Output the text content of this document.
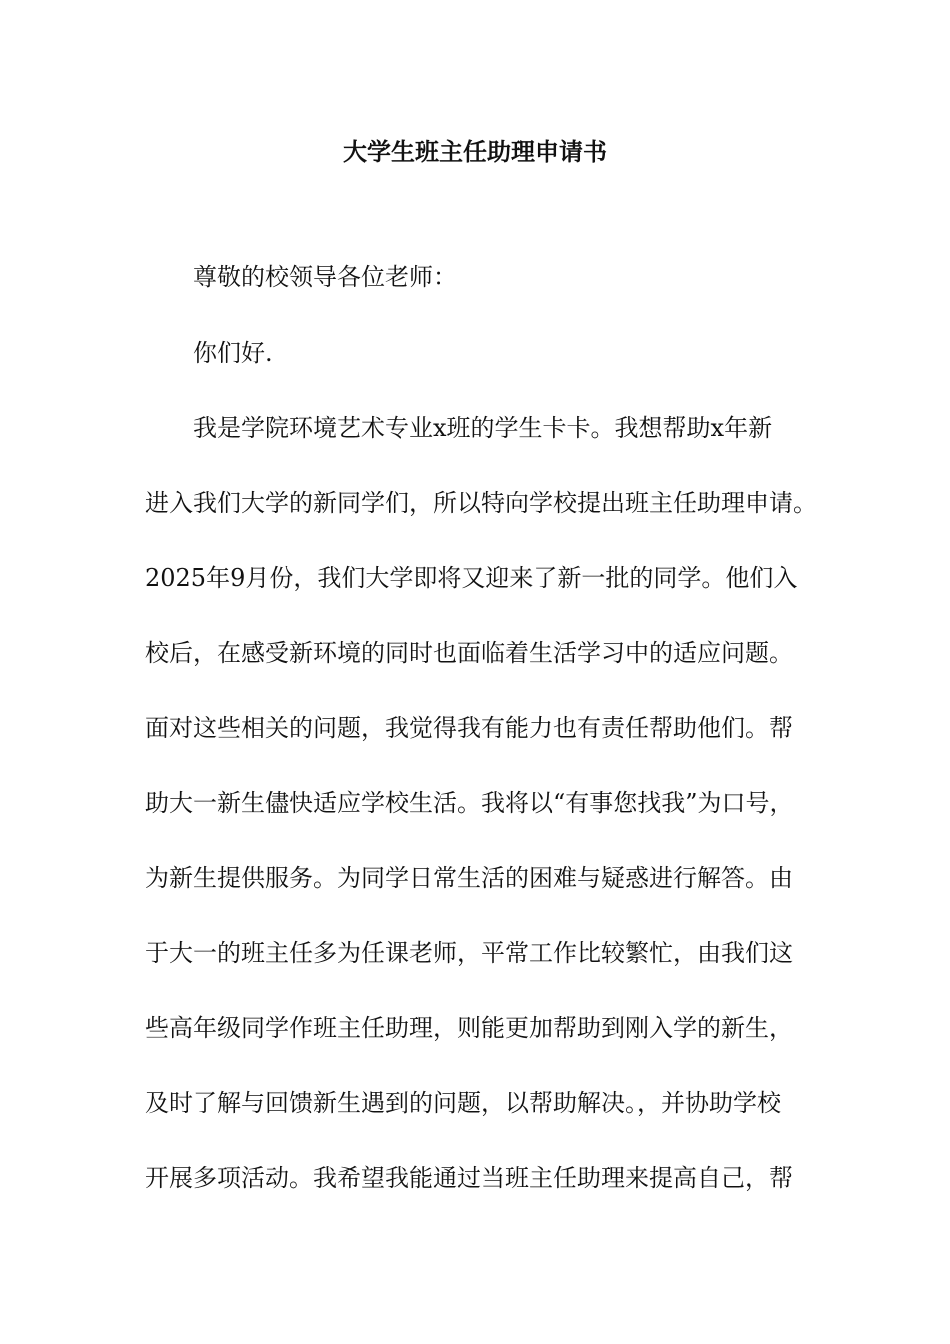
大学生班主任助理申请书
尊敬的校领导各位老师：
你们好.
我是学院环境艺术专业x班的学生卡卡。我想帮助x年新
进入我们大学的新同学们，所以特向学校提出班主任助理申请。
2025年9月份，我们大学即将又迎来了新一批的同学。他们入
校后，在感受新环境的同时也面临着生活学习中的适应问题。
面对这些相关的问题，我觉得我有能力也有责任帮助他们。帮
助大一新生儘快适应学校生活。我将以“有事您找我”为口号，
为新生提供服务。为同学日常生活的困难与疑惑进行解答。由
于大一的班主任多为任课老师，平常工作比较繁忙，由我们这
些高年级同学作班主任助理，则能更加帮助到刚入学的新生，
及时了解与回馈新生遇到的问题，以帮助解决。，并协助学校
开展多项活动。我希望我能通过当班主任助理来提高自己，帮
